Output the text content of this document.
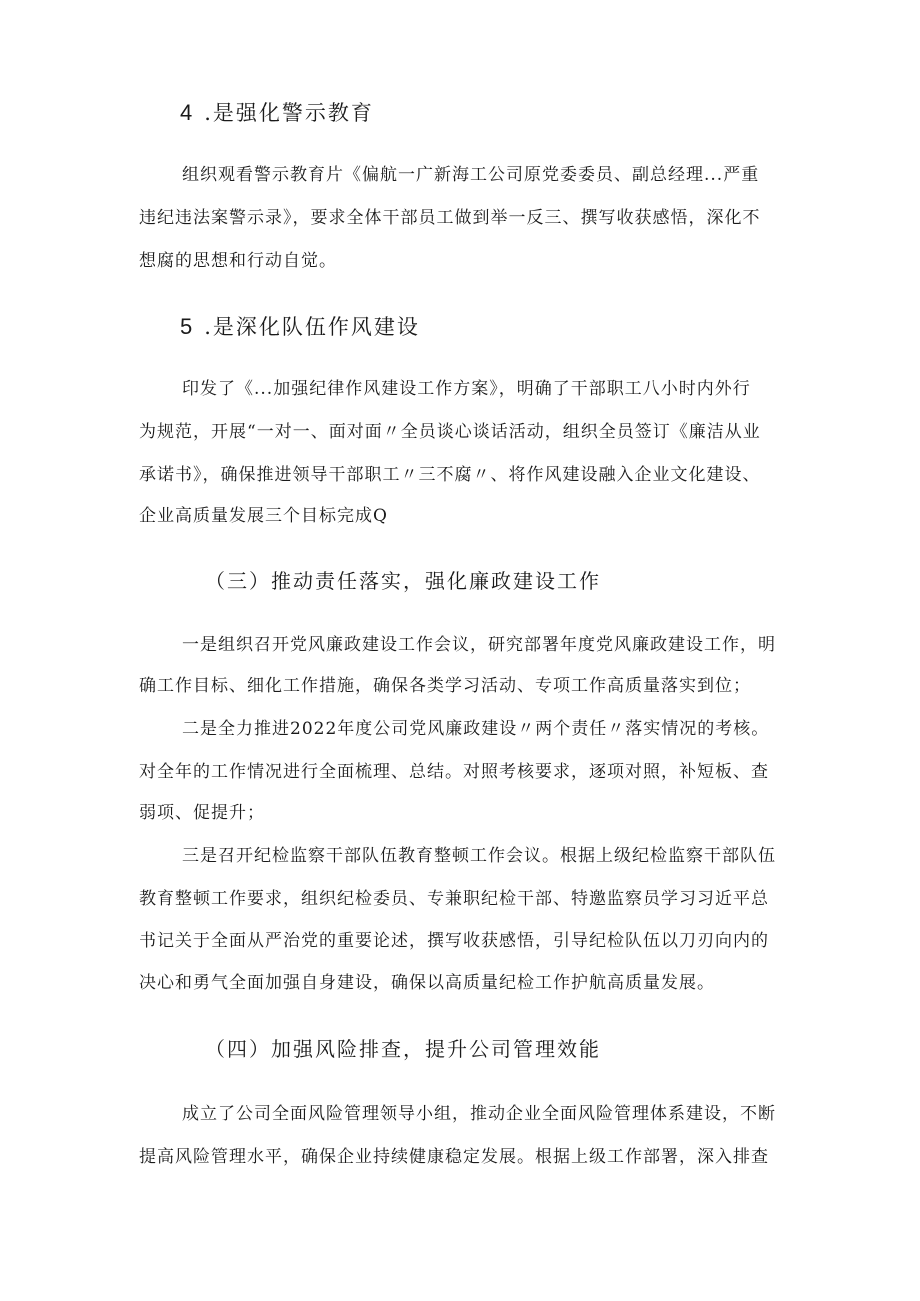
4 .是强化警示教育
组织观看警示教育片《偏航一广新海工公司原党委委员、副总经理...严重
违纪违法案警示录》，要求全体干部员工做到举一反三、撰写收获感悟，深化不
想腐的思想和行动自觉。
5 .是深化队伍作风建设
印发了《...加强纪律作风建设工作方案》，明确了干部职工八小时内外行
为规范，开展“一对一、面对面〃全员谈心谈话活动，组织全员签订《廉洁从业
承诺书》，确保推进领导干部职工〃三不腐〃、将作风建设融入企业文化建设、
企业高质量发展三个目标完成Q
（三）推动责任落实，强化廉政建设工作
一是组织召开党风廉政建设工作会议，研究部署年度党风廉政建设工作，明
确工作目标、细化工作措施，确保各类学习活动、专项工作高质量落实到位；
二是全力推进2022年度公司党风廉政建设〃两个责任〃落实情况的考核。
对全年的工作情况进行全面梳理、总结。对照考核要求，逐项对照，补短板、查
弱项、促提升；
三是召开纪检监察干部队伍教育整顿工作会议。根据上级纪检监察干部队伍
教育整顿工作要求，组织纪检委员、专兼职纪检干部、特邀监察员学习习近平总
书记关于全面从严治党的重要论述，撰写收获感悟，引导纪检队伍以刀刃向内的
决心和勇气全面加强自身建设，确保以高质量纪检工作护航高质量发展。
（四）加强风险排查，提升公司管理效能
成立了公司全面风险管理领导小组，推动企业全面风险管理体系建设，不断
提高风险管理水平，确保企业持续健康稳定发展。根据上级工作部署，深入排查
